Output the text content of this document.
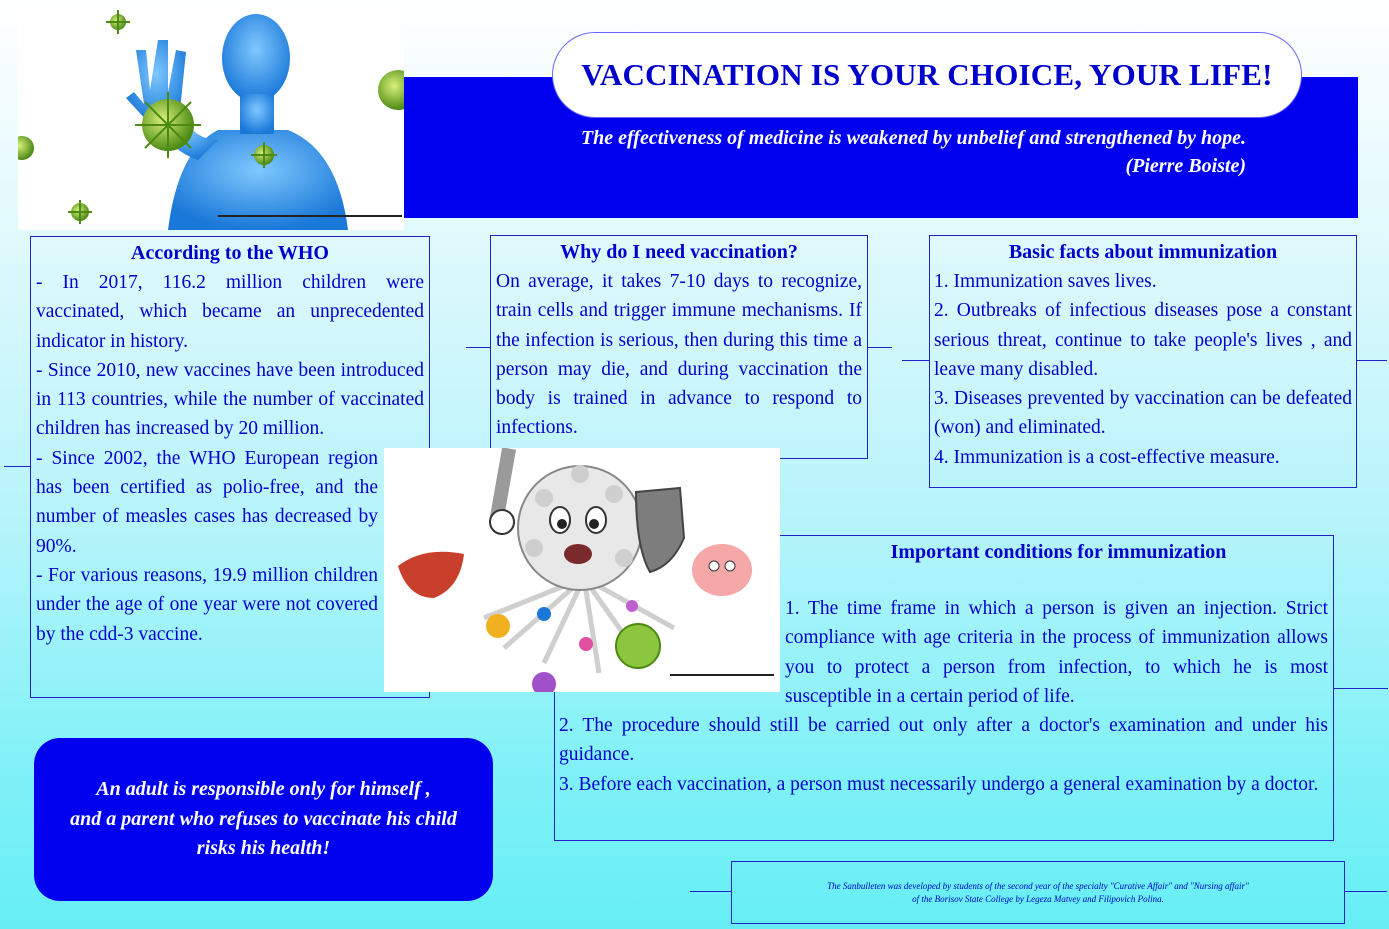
VACCINATION IS YOUR CHOICE, YOUR LIFE!
The effectiveness of medicine is weakened by unbelief and strengthened by hope.
(Pierre Boiste)
According to the WHO
- In 2017, 116.2 million children were vaccinated, which became an unprecedented indicator in history.
- Since 2010, new vaccines have been introduced in 113 countries, while the number of vaccinated children has increased by 20 million.
- Since 2002, the WHO European region has been certified as polio-free, and the number of measles cases has decreased by 90%.
- For various reasons, 19.9 million children under the age of one year were not covered by the cdd-3 vaccine.
Why do I need vaccination?

On average, it takes 7-10 days to recognize, train cells and trigger immune mechanisms. If the infection is serious, then during this time a person may die, and during vaccination the body is trained in advance to respond to infections.

Basic facts about immunization
1. Immunization saves lives.
2. Outbreaks of infectious diseases pose a constant serious threat, continue to take people's lives , and leave many disabled.
3. Diseases prevented by vaccination can be defeated (won) and eliminated.
4. Immunization is a cost-effective measure.
Important conditions for immunization

1. The time frame in which a person is given an injection. Strict compliance with age criteria in the process of immunization allows you to protect a person from infection, to which he is most susceptible in a certain period of life.

2. The procedure should still be carried out only after a doctor's examination and under his guidance.

3. Before each vaccination, a person must necessarily undergo a general examination by a doctor.

An adult is responsible only for himself ,
and a parent who refuses to vaccinate his child
risks his health!
The Sanbulleten was developed by students of the second year of the specialty "Curative Affair" and "Nursing affair"
of the Borisov State College by Legeza Matvey and Filipovich Polina.
